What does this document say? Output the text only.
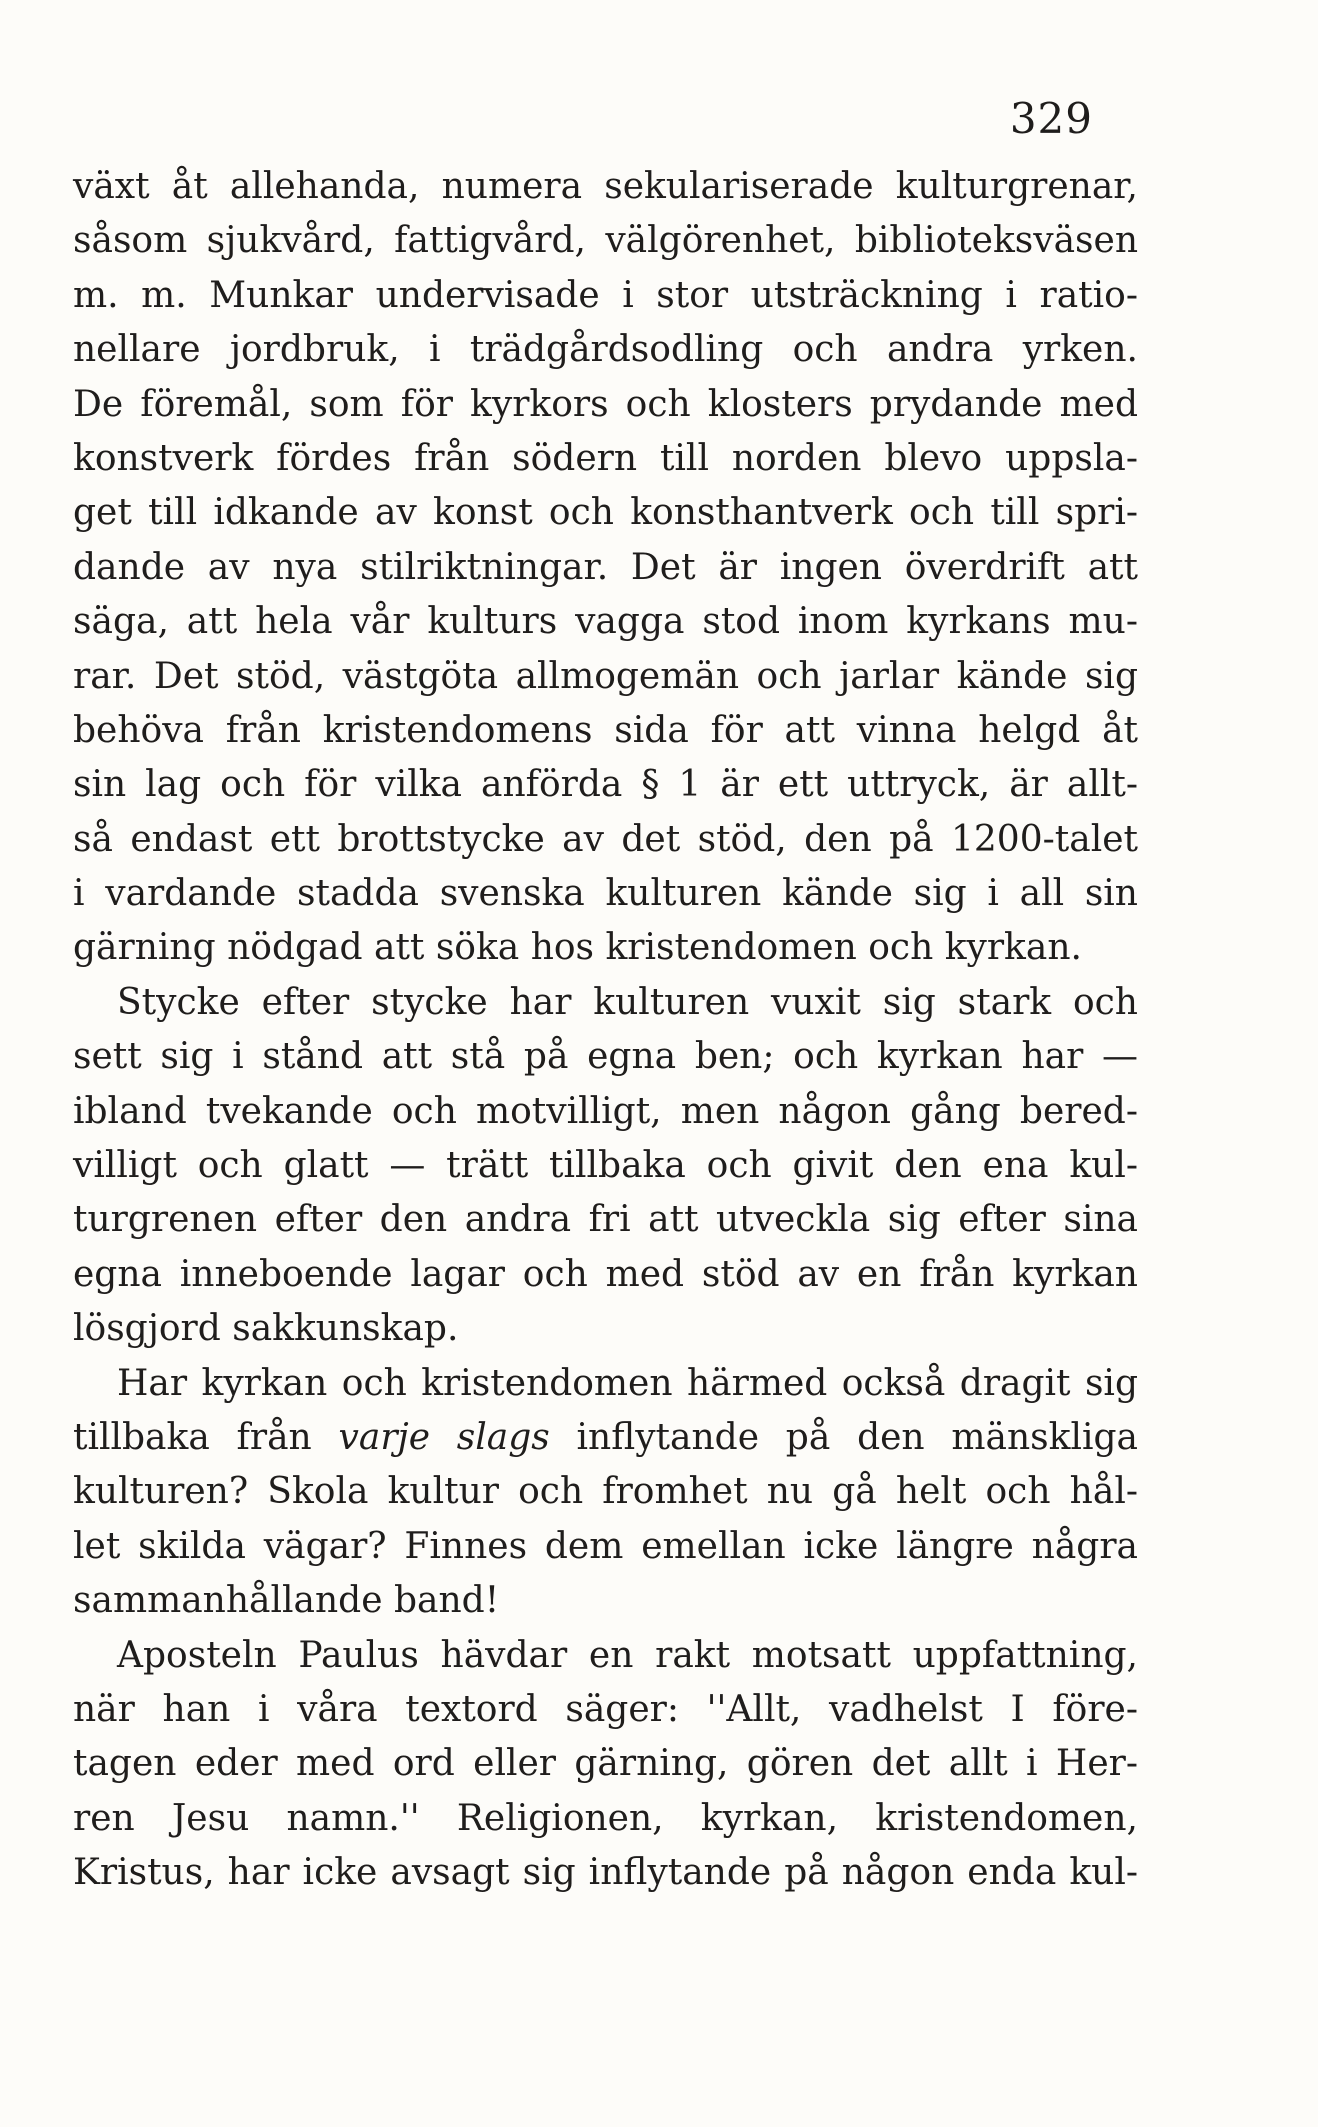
329
växt åt allehanda, numera sekulariserade kulturgrenar,
såsom sjukvård, fattigvård, välgörenhet, biblioteksväsen
m. m. Munkar undervisade i stor utsträckning i ratio-
nellare jordbruk, i trädgårdsodling och andra yrken.
De föremål, som för kyrkors och klosters prydande med
konstverk fördes från södern till norden blevo uppsla-
get till idkande av konst och konsthantverk och till spri-
dande av nya stilriktningar. Det är ingen överdrift att
säga, att hela vår kulturs vagga stod inom kyrkans mu-
rar. Det stöd, västgöta allmogemän och jarlar kände sig
behöva från kristendomens sida för att vinna helgd åt
sin lag och för vilka anförda § 1 är ett uttryck, är allt-
så endast ett brottstycke av det stöd, den på 1200-talet
i vardande stadda svenska kulturen kände sig i all sin
gärning nödgad att söka hos kristendomen och kyrkan.
Stycke efter stycke har kulturen vuxit sig stark och
sett sig i stånd att stå på egna ben; och kyrkan har —
ibland tvekande och motvilligt, men någon gång bered-
villigt och glatt — trätt tillbaka och givit den ena kul-
turgrenen efter den andra fri att utveckla sig efter sina
egna inneboende lagar och med stöd av en från kyrkan
lösgjord sakkunskap.
Har kyrkan och kristendomen härmed också dragit sig
tillbaka från varje slags inflytande på den mänskliga
kulturen? Skola kultur och fromhet nu gå helt och hål-
let skilda vägar? Finnes dem emellan icke längre några
sammanhållande band!
Aposteln Paulus hävdar en rakt motsatt uppfattning,
när han i våra textord säger: ''Allt, vadhelst I före-
tagen eder med ord eller gärning, gören det allt i Her-
ren Jesu namn.'' Religionen, kyrkan, kristendomen,
Kristus, har icke avsagt sig inflytande på någon enda kul-
